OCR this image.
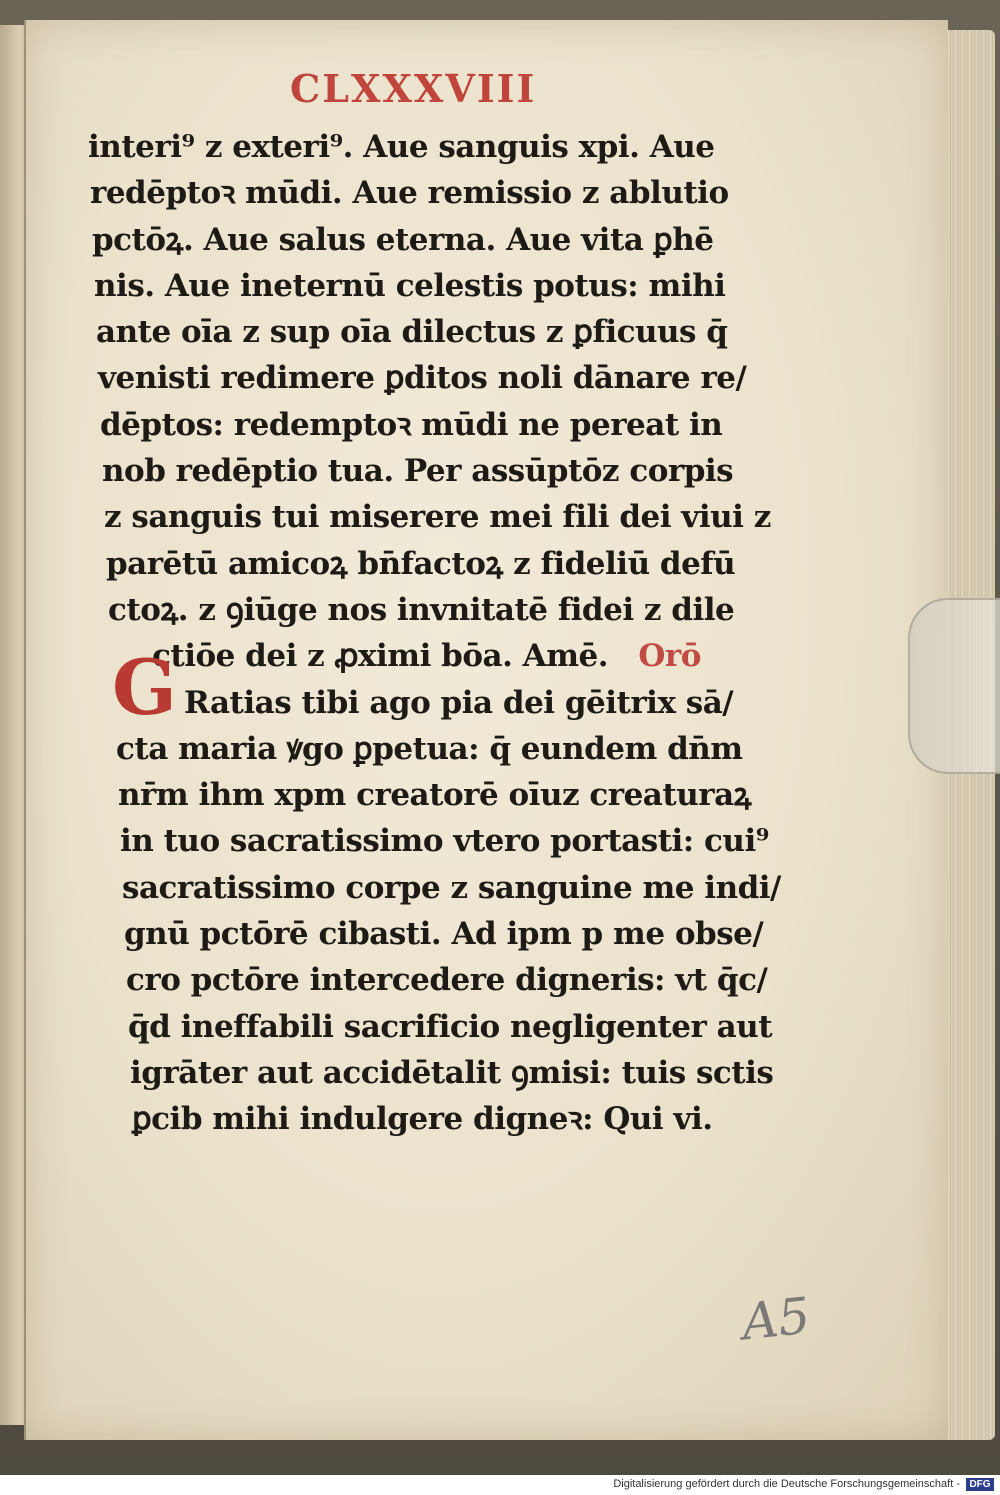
CLXXXVIII
interi⁹ z exteri⁹. Aue sanguis xpi. Aue
redēptoꝛ mūdi. Aue remissio z ablutio
pctōꝝ. Aue salus eterna. Aue vita ꝑhē
nis. Aue ineternū celestis potus: mihi
ante oīa z sup oīa dilectus z ꝑficuus q̄
venisti redimere ꝑditos noli dānare re/
dēptos: redemptoꝛ mūdi ne pereat in
nob redēptio tua. Per assūptōz corpis
z sanguis tui miserere mei fili dei viui z
parētū amicoꝝ bn̄factoꝝ z fideliū defū
ctoꝝ. z ꝯiūge nos invnitatē fidei z dile
ctiōe dei z ꝓximi bōa. Amē. Orō
Ratias tibi ago pia dei gēitrix sā/
cta maria ꝟgo ꝑpetua: q̄ eundem dn̄m
nr̄m ihm xpm creatorē oīuz creaturaꝝ
in tuo sacratissimo vtero portasti: cui⁹
sacratissimo corpe z sanguine me indi/
gnū pctōrē cibasti. Ad ipm p me obse/
cro pctōre intercedere digneris: vt q̄c/
q̄d ineffabili sacrificio negligenter aut
igrāter aut accidētalit ꝯmisi: tuis sctis
ꝑcib mihi indulgere digneꝛ: Qui vi.
G
A5
Digitalisierung gefördert durch die Deutsche Forschungsgemeinschaft - DFG
